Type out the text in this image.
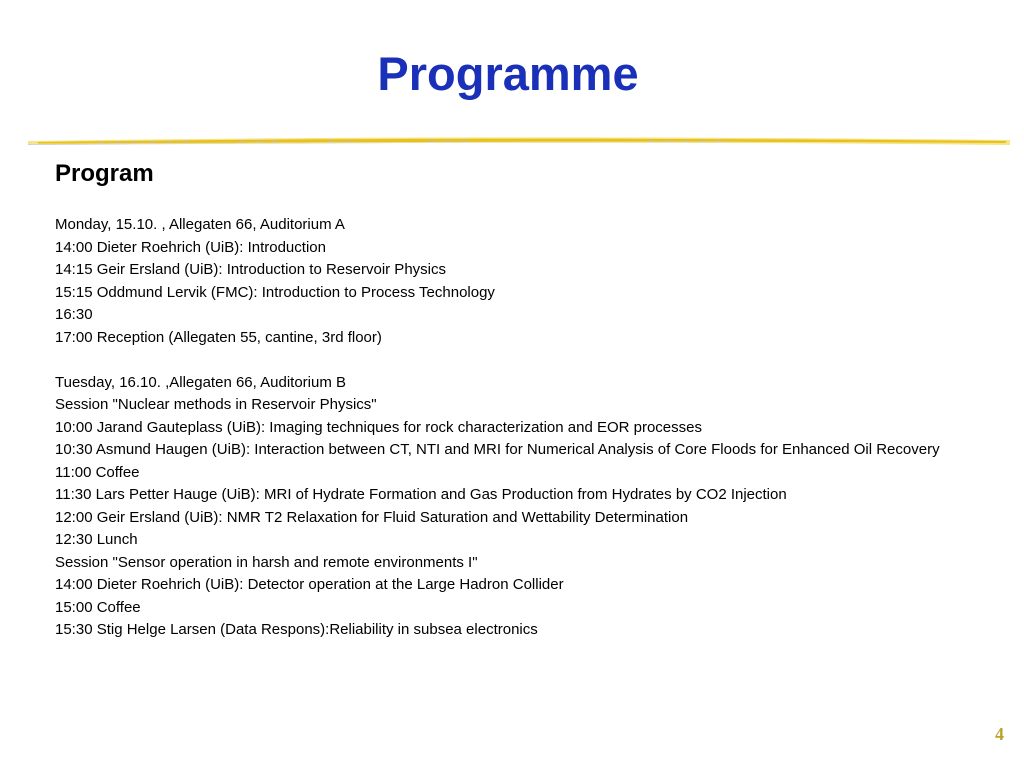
Programme
Program
Monday, 15.10. , Allegaten 66, Auditorium A
14:00 Dieter Roehrich (UiB): Introduction
14:15 Geir Ersland (UiB): Introduction to Reservoir Physics
15:15 Oddmund Lervik (FMC): Introduction to Process Technology
16:30
17:00 Reception (Allegaten 55, cantine, 3rd floor)
Tuesday, 16.10. ,Allegaten 66, Auditorium B
Session "Nuclear methods in Reservoir Physics"
10:00 Jarand Gauteplass (UiB): Imaging techniques for rock characterization and EOR processes
10:30 Asmund Haugen (UiB): Interaction between CT, NTI and MRI for Numerical Analysis of Core Floods for Enhanced Oil Recovery
11:00 Coffee
11:30 Lars Petter Hauge (UiB): MRI of Hydrate Formation and Gas Production from Hydrates by CO2 Injection
12:00 Geir Ersland (UiB): NMR T2 Relaxation for Fluid Saturation and Wettability Determination
12:30 Lunch
Session "Sensor operation in harsh and remote environments I"
14:00 Dieter Roehrich (UiB): Detector operation at the Large Hadron Collider
15:00 Coffee
15:30 Stig Helge Larsen (Data Respons):Reliability in subsea electronics
4
